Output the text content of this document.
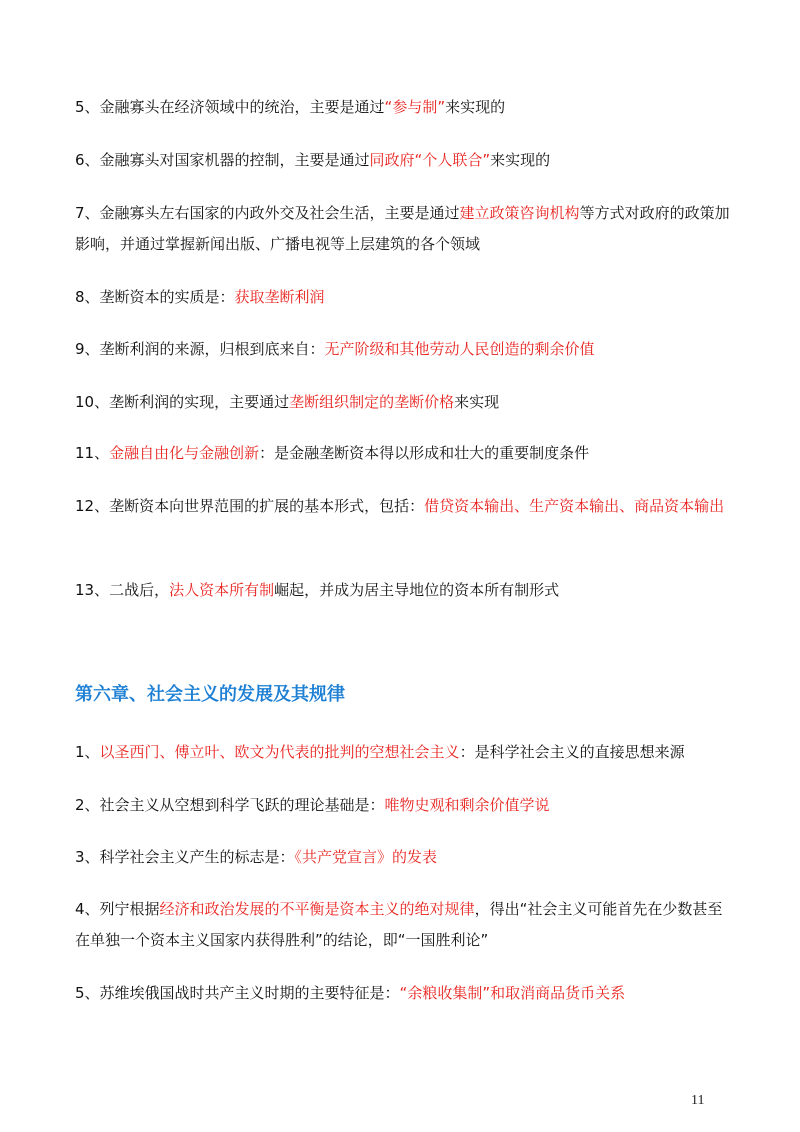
5、金融寡头在经济领域中的统治，主要是通过“参与制”来实现的

6、金融寡头对国家机器的控制，主要是通过同政府“个人联合”来实现的

7、金融寡头左右国家的内政外交及社会生活，主要是通过建立政策咨询机构等方式对政府的政策加影响，并通过掌握新闻出版、广播电视等上层建筑的各个领域

8、垄断资本的实质是：获取垄断利润

9、垄断利润的来源，归根到底来自：无产阶级和其他劳动人民创造的剩余价值

10、垄断利润的实现，主要通过垄断组织制定的垄断价格来实现

11、金融自由化与金融创新：是金融垄断资本得以形成和壮大的重要制度条件

12、垄断资本向世界范围的扩展的基本形式，包括：借贷资本输出、生产资本输出、商品资本输出

13、二战后，法人资本所有制崛起，并成为居主导地位的资本所有制形式

第六章、社会主义的发展及其规律

1、以圣西门、傅立叶、欧文为代表的批判的空想社会主义：是科学社会主义的直接思想来源

2、社会主义从空想到科学飞跃的理论基础是：唯物史观和剩余价值学说

3、科学社会主义产生的标志是：《共产党宣言》的发表

4、列宁根据经济和政治发展的不平衡是资本主义的绝对规律，得出“社会主义可能首先在少数甚至在单独一个资本主义国家内获得胜利”的结论，即“一国胜利论”

5、苏维埃俄国战时共产主义时期的主要特征是：“余粮收集制”和取消商品货币关系

11
